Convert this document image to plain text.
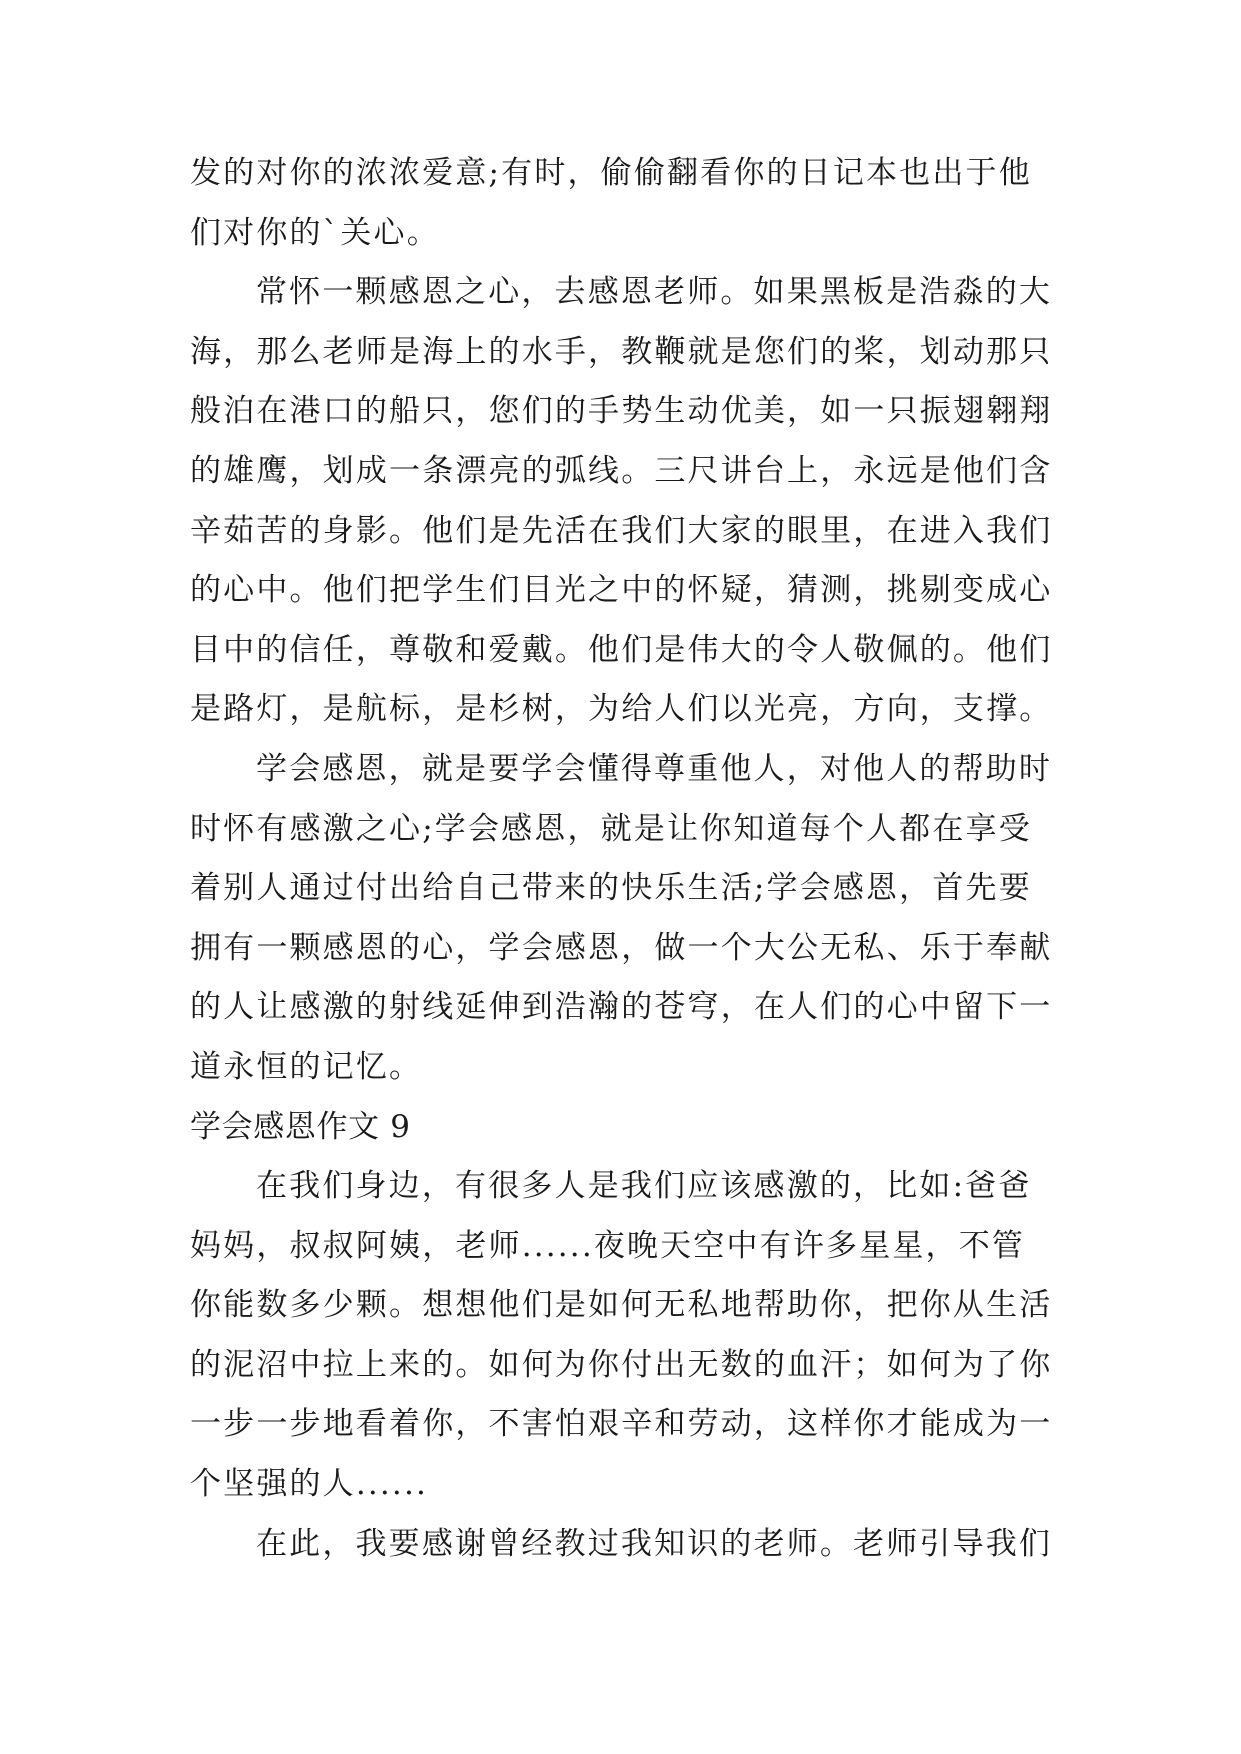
发的对你的浓浓爱意;有时，偷偷翻看你的日记本也出于他
们对你的`关心。
常怀一颗感恩之心，去感恩老师。如果黑板是浩淼的大
海，那么老师是海上的水手，教鞭就是您们的桨，划动那只
般泊在港口的船只，您们的手势生动优美，如一只振翅翱翔
的雄鹰，划成一条漂亮的弧线。三尺讲台上，永远是他们含
辛茹苦的身影。他们是先活在我们大家的眼里，在进入我们
的心中。他们把学生们目光之中的怀疑，猜测，挑剔变成心
目中的信任，尊敬和爱戴。他们是伟大的令人敬佩的。他们
是路灯，是航标，是杉树，为给人们以光亮，方向，支撑。
学会感恩，就是要学会懂得尊重他人，对他人的帮助时
时怀有感激之心;学会感恩，就是让你知道每个人都在享受
着别人通过付出给自己带来的快乐生活;学会感恩，首先要
拥有一颗感恩的心，学会感恩，做一个大公无私、乐于奉献
的人让感激的射线延伸到浩瀚的苍穹，在人们的心中留下一
道永恒的记忆。
学会感恩作文 9
在我们身边，有很多人是我们应该感激的，比如:爸爸
妈妈，叔叔阿姨，老师......夜晚天空中有许多星星，不管
你能数多少颗。想想他们是如何无私地帮助你，把你从生活
的泥沼中拉上来的。如何为你付出无数的血汗；如何为了你
一步一步地看着你，不害怕艰辛和劳动，这样你才能成为一
个坚强的人......
在此，我要感谢曾经教过我知识的老师。老师引导我们
